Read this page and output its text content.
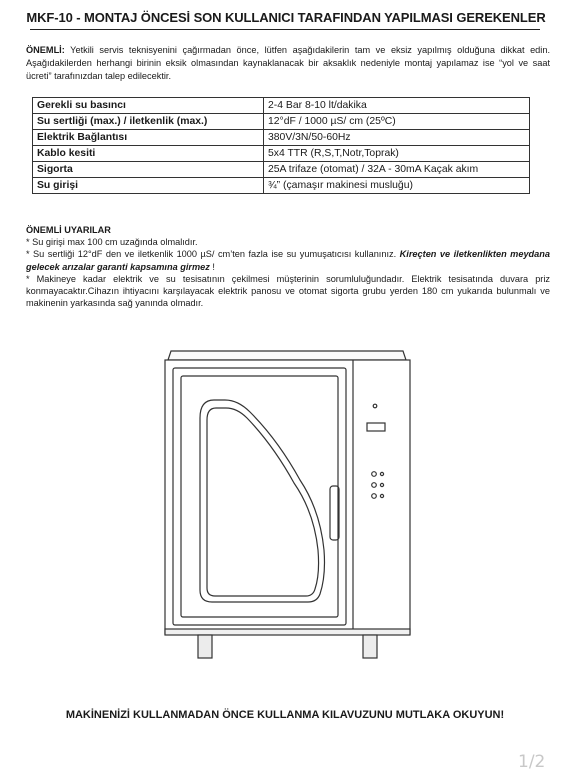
MKF-10 - MONTAJ ÖNCESİ SON KULLANICI TARAFINDAN YAPILMASI GEREKENLER
ÖNEMLİ: Yetkili servis teknisyenini çağırmadan önce, lütfen aşağıdakilerin tam ve eksiz yapılmış olduğuna dikkat edin. Aşağıdakilerden herhangi birinin eksik olmasından kaynaklanacak bir aksaklık nedeniyle montaj yapılamaz ise “yol ve saat ücreti” tarafınızdan talep edilecektir.
Gerekli su basıncı	2-4 Bar 8-10 lt/dakika
Su sertliği (max.) / iletkenlik (max.)	12°dF / 1000 µS/ cm (25ºC)
Elektrik Bağlantısı	380V/3N/50-60Hz
Kablo kesiti	5x4 TTR (R,S,T,Notr,Toprak)
Sigorta	25A trifaze (otomat) / 32A - 30mA Kaçak akım
Su girişi	¾” (çamaşır makinesi musluğu)
ÖNEMLİ UYARILAR

* Su girişi max 100 cm uzağında olmalıdır.

* Su sertliği 12°dF den ve iletkenlik 1000 µS/ cm’ten fazla ise su yumuşatıcısı kullanınız. Kireçten ve iletkenlikten meydana gelecek arızalar garanti kapsamına girmez !

* Makineye kadar elektrik ve su tesisatının çekilmesi müşterinin sorumluluğundadır. Elektrik tesisatında duvara priz konmayacaktır.Cihazın ihtiyacını karşılayacak elektrik panosu ve otomat sigorta grubu yerden 180 cm yukarıda bulunmalı ve makinenin yarkasında sağ yanında olmadır.

MAKİNENİZİ KULLANMADAN ÖNCE KULLANMA KILAVUZUNU MUTLAKA OKUYUN!
1/2
